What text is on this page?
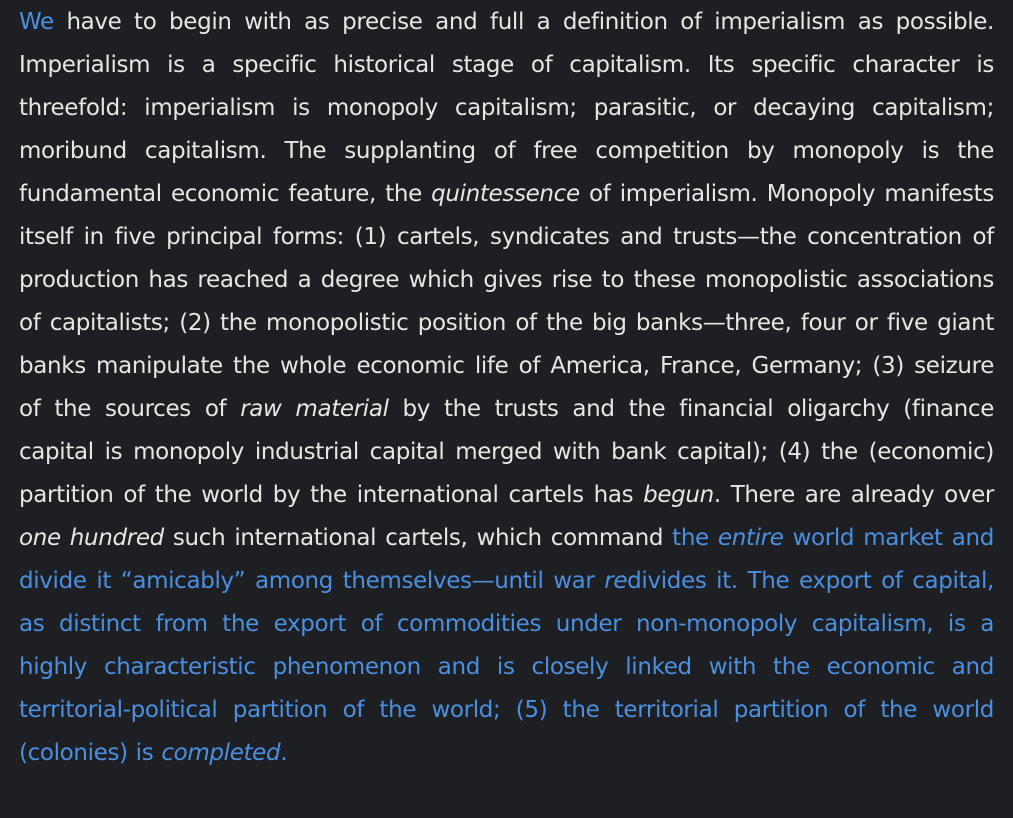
We have to begin with as precise and full a definition of imperialism as possible. Imperialism is a specific historical stage of capitalism. Its specific character is threefold: imperialism is monopoly capitalism; parasitic, or decaying capitalism; moribund capitalism. The supplanting of free competition by monopoly is the fundamental economic feature, the quintessence of imperialism. Monopoly manifests itself in five principal forms: (1) cartels, syndicates and trusts—the concentration of production has reached a degree which gives rise to these monopolistic associations of capitalists; (2) the monopolistic position of the big banks—three, four or five giant banks manipulate the whole economic life of America, France, Germany; (3) seizure of the sources of raw material by the trusts and the financial oligarchy (finance capital is monopoly industrial capital merged with bank capital); (4) the (economic) partition of the world by the international cartels has begun. There are already over one hundred such international cartels, which command the entire world market and divide it “amicably” among themselves—until war redivides it. The export of capital, as distinct from the export of commodities under non-monopoly capitalism, is a highly characteristic phenomenon and is closely linked with the economic and territorial-political partition of the world; (5) the territorial partition of the world (colonies) is completed.
